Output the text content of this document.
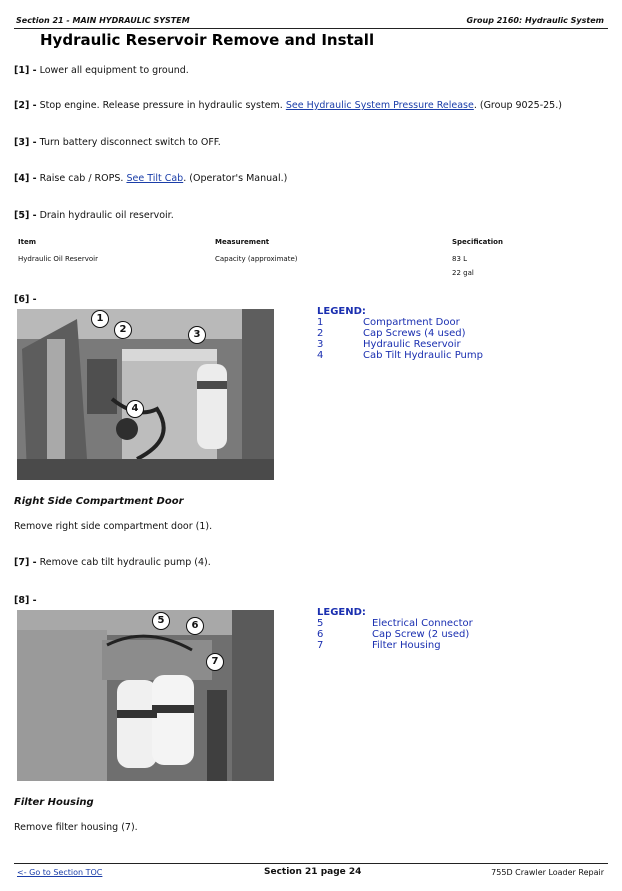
Section 21 - MAIN HYDRAULIC SYSTEM	Group 2160: Hydraulic System
Hydraulic Reservoir Remove and Install
[1] - Lower all equipment to ground.
[2] - Stop engine. Release pressure in hydraulic system. See Hydraulic System Pressure Release. (Group 9025-25.)
[3] - Turn battery disconnect switch to OFF.
[4] - Raise cab / ROPS. See Tilt Cab. (Operator's Manual.)
[5] - Drain hydraulic oil reservoir.
Item	Measurement	Specification
Hydraulic Oil Reservoir	Capacity (approximate)	83 L
22 gal
[6] -
1
2	3
4
LEGEND:
1	Compartment Door
2	Cap Screws (4 used)
3	Hydraulic Reservoir
4	Cab Tilt Hydraulic Pump
Right Side Compartment Door
Remove right side compartment door (1).
[7] - Remove cab tilt hydraulic pump (4).
[8] -
5	6
7
LEGEND:
5	Electrical Connector
6	Cap Screw (2 used)
7	Filter Housing
Filter Housing
Remove filter housing (7).
<- Go to Section TOC	Section 21 page 24	755D Crawler Loader Repair
